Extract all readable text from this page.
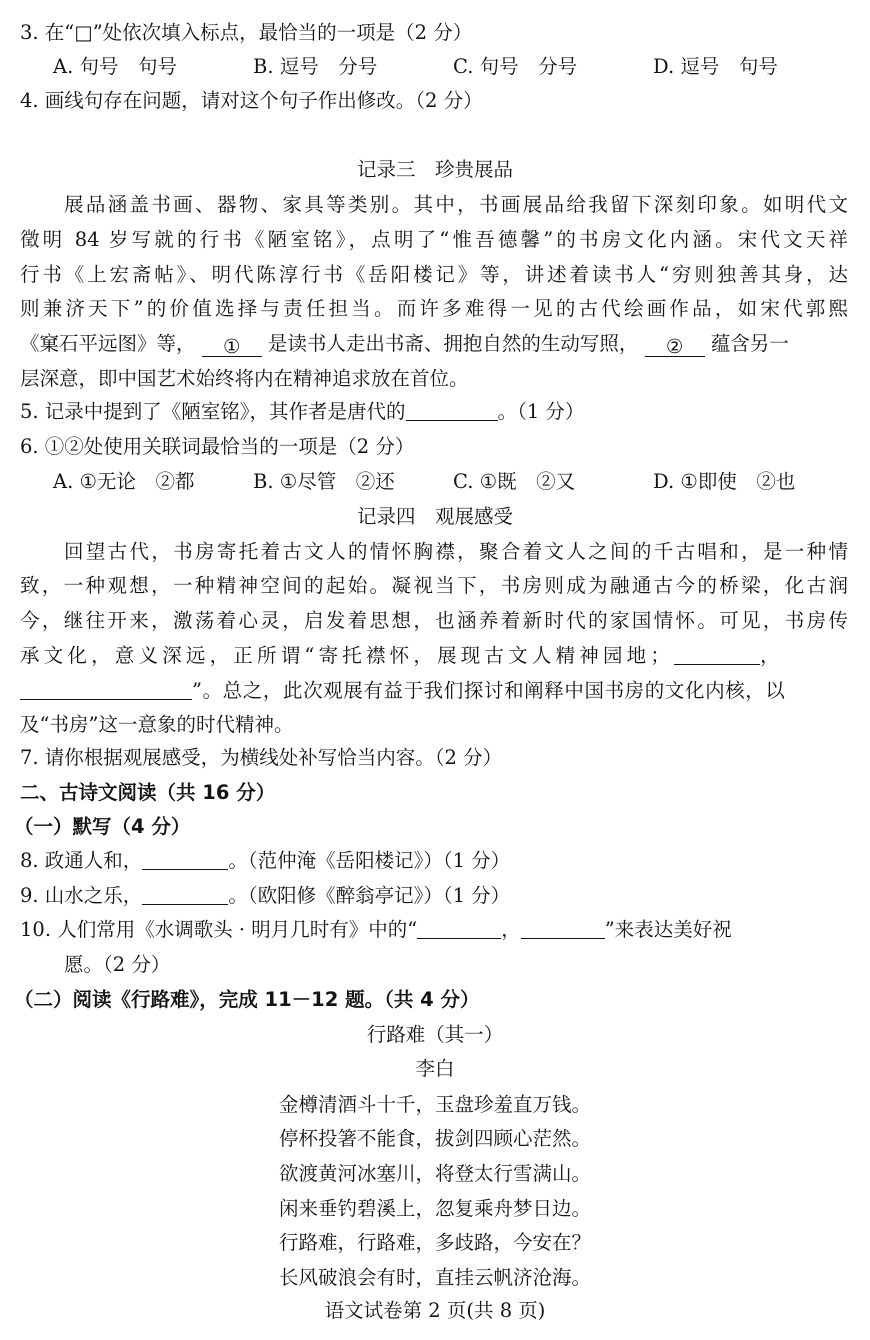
3. 在“□”处依次填入标点，最恰当的一项是（2 分）
A. 句号　句号	B. 逗号　分号	C. 句号　分号	D. 逗号　句号
4. 画线句存在问题，请对这个句子作出修改。（2 分）
记录三　珍贵展品
展品涵盖书画、器物、家具等类别。其中，书画展品给我留下深刻印象。如明代文
徵明 84 岁写就的行书《陋室铭》，点明了“惟吾德馨”的书房文化内涵。宋代文天祥
行书《上宏斋帖》、明代陈淳行书《岳阳楼记》等，讲述着读书人“穷则独善其身，达
则兼济天下”的价值选择与责任担当。而许多难得一见的古代绘画作品，如宋代郭熙
《窠石平远图》等， ① 是读书人走出书斋、拥抱自然的生动写照， ② 蕴含另一
层深意，即中国艺术始终将内在精神追求放在首位。
5. 记录中提到了《陋室铭》，其作者是唐代的	。（1 分）
6. ①②处使用关联词最恰当的一项是（2 分）
A. ①无论　②都	B. ①尽管　②还	C. ①既　②又	D. ①即使　②也
记录四　观展感受
回望古代，书房寄托着古文人的情怀胸襟，聚合着文人之间的千古唱和，是一种情
致，一种观想，一种精神空间的起始。凝视当下，书房则成为融通古今的桥梁，化古润
今，继往开来，激荡着心灵，启发着思想，也涵养着新时代的家国情怀。可见，书房传
承文化，意义深远，正所谓“寄托襟怀，展现古文人精神园地；	，
”。总之，此次观展有益于我们探讨和阐释中国书房的文化内核，以
及“书房”这一意象的时代精神。
7. 请你根据观展感受，为横线处补写恰当内容。（2 分）
二、古诗文阅读（共 16 分）
（一）默写（4 分）
8. 政通人和，	。（范仲淹《岳阳楼记》）（1 分）
9. 山水之乐，	。（欧阳修《醉翁亭记》）（1 分）
10. 人们常用《水调歌头 · 明月几时有》中的“	，	”来表达美好祝
愿。（2 分）
（二）阅读《行路难》，完成 11－12 题。（共 4 分）
行路难（其一）
李白
金樽清酒斗十千，玉盘珍羞直万钱。
停杯投箸不能食，拔剑四顾心茫然。
欲渡黄河冰塞川，将登太行雪满山。
闲来垂钓碧溪上，忽复乘舟梦日边。
行路难，行路难，多歧路，今安在？
长风破浪会有时，直挂云帆济沧海。
语文试卷第 2 页(共 8 页)
